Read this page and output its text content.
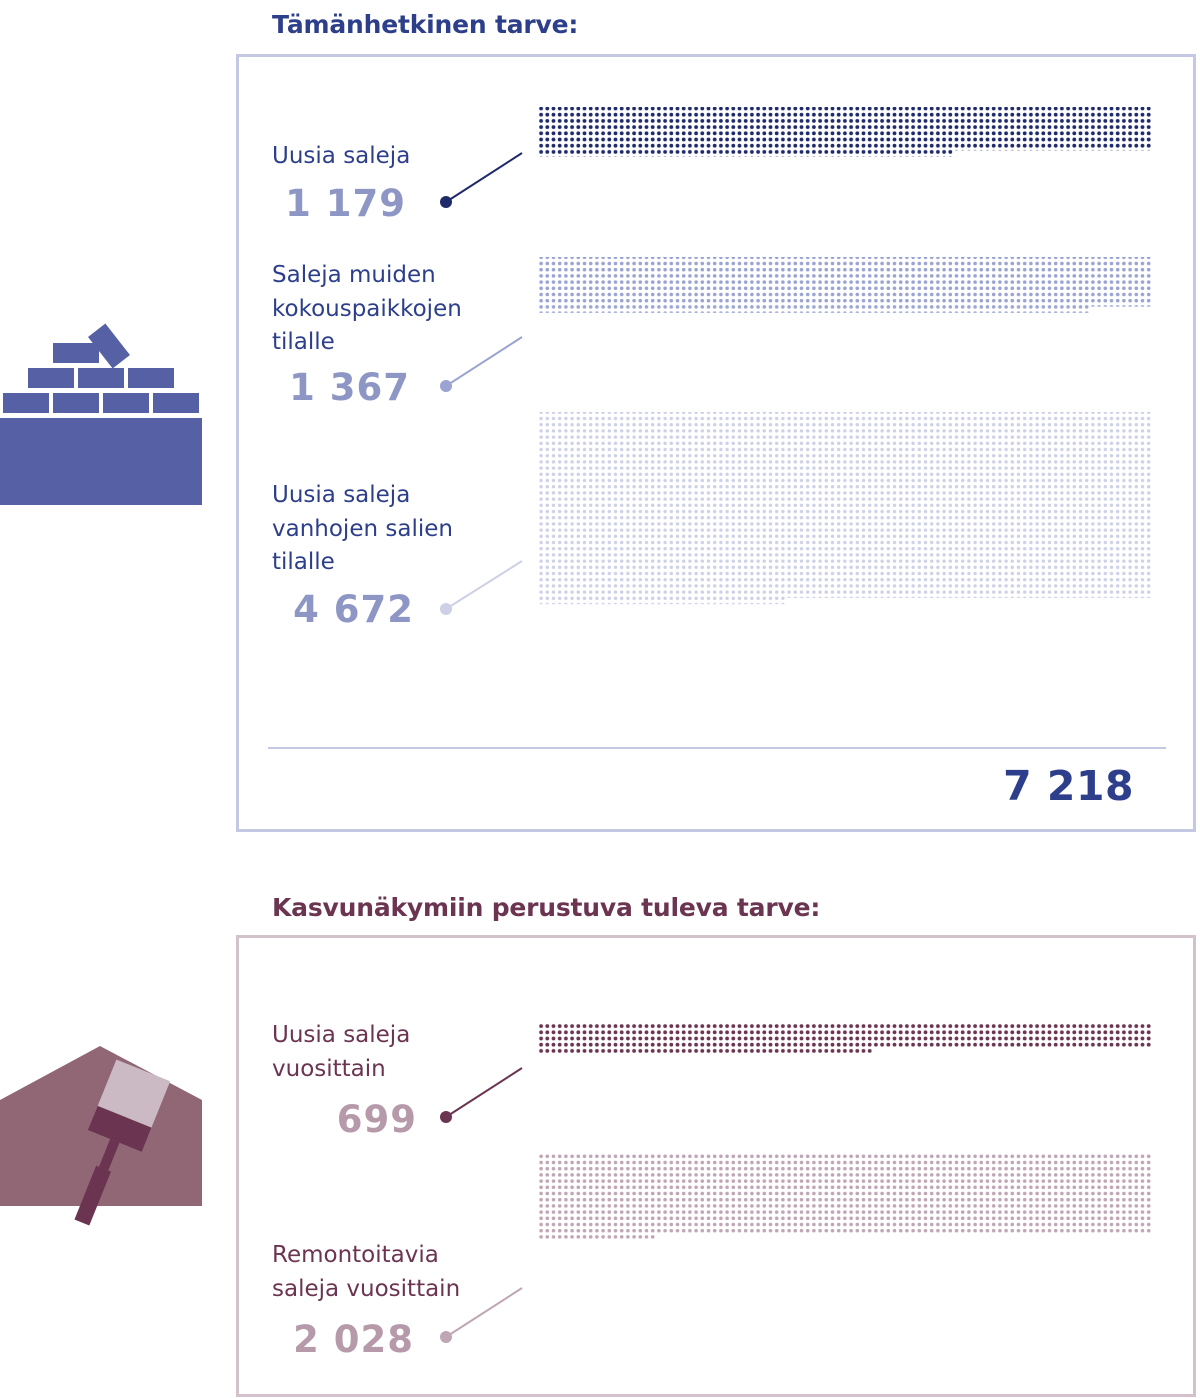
Tämänhetkinen tarve:
Uusia saleja
1 179
Saleja muiden
kokouspaikkojen
tilalle
1 367
Uusia saleja
vanhojen salien
tilalle
4 672
7 218
Kasvunäkymiin perustuva tuleva tarve:
Uusia saleja
vuosittain
699
Remontoitavia
saleja vuosittain
2 028
